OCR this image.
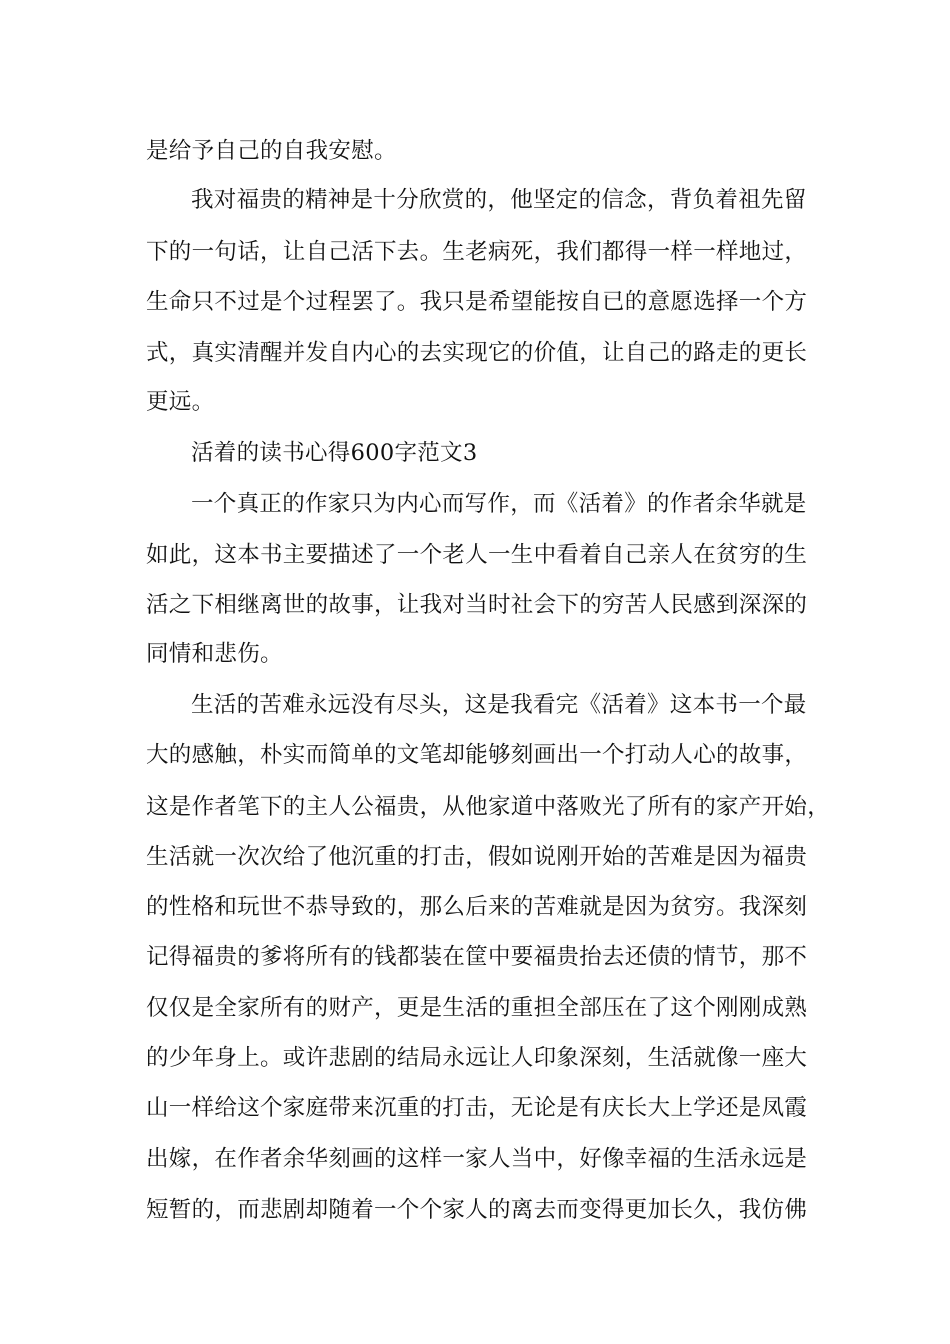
是给予自己的自我安慰。
我对福贵的精神是十分欣赏的，他坚定的信念，背负着祖先留
下的一句话，让自己活下去。生老病死，我们都得一样一样地过，
生命只不过是个过程罢了。我只是希望能按自已的意愿选择一个方
式，真实清醒并发自内心的去实现它的价值，让自己的路走的更长
更远。
活着的读书心得600字范文3
一个真正的作家只为内心而写作，而《活着》的作者余华就是
如此，这本书主要描述了一个老人一生中看着自己亲人在贫穷的生
活之下相继离世的故事，让我对当时社会下的穷苦人民感到深深的
同情和悲伤。
生活的苦难永远没有尽头，这是我看完《活着》这本书一个最
大的感触，朴实而简单的文笔却能够刻画出一个打动人心的故事，
这是作者笔下的主人公福贵，从他家道中落败光了所有的家产开始，
生活就一次次给了他沉重的打击，假如说刚开始的苦难是因为福贵
的性格和玩世不恭导致的，那么后来的苦难就是因为贫穷。我深刻
记得福贵的爹将所有的钱都装在筐中要福贵抬去还债的情节，那不
仅仅是全家所有的财产，更是生活的重担全部压在了这个刚刚成熟
的少年身上。或许悲剧的结局永远让人印象深刻，生活就像一座大
山一样给这个家庭带来沉重的打击，无论是有庆长大上学还是凤霞
出嫁，在作者余华刻画的这样一家人当中，好像幸福的生活永远是
短暂的，而悲剧却随着一个个家人的离去而变得更加长久，我仿佛
